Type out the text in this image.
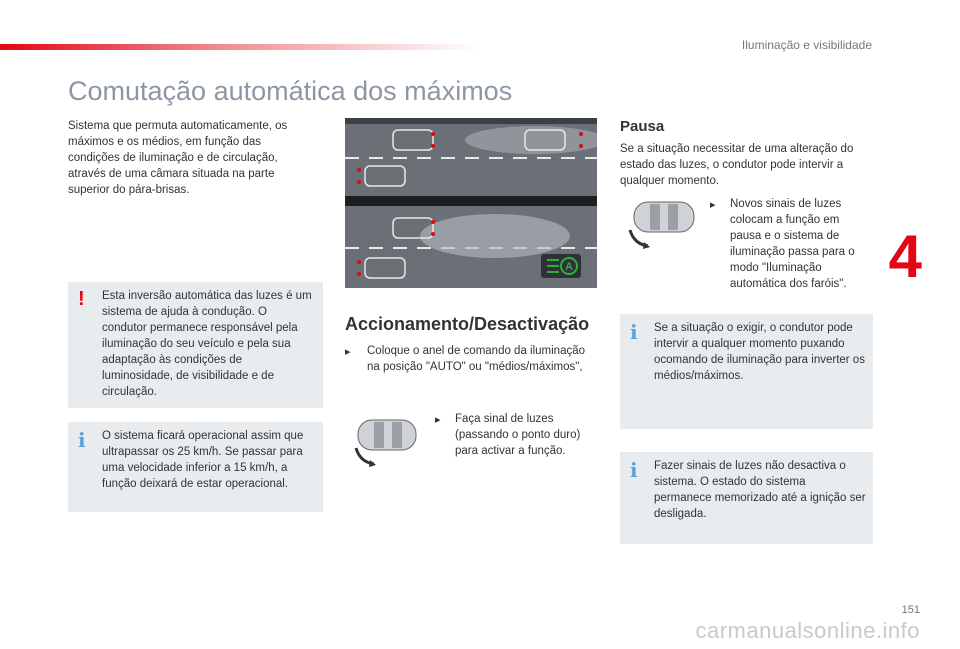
Iluminação e visibilidade
4
Comutação automática dos máximos

Sistema que permuta automaticamente, os máximos e os médios, em função das condições de iluminação e de circulação, através de uma câmara situada na parte superior do pára-brisas.

! Esta inversão automática das luzes é um sistema de ajuda à condução. O condutor permanece responsável pela iluminação do seu veículo e pela sua adaptação às condições de luminosidade, de visibilidade e de circulação.

i O sistema ficará operacional assim que ultrapassar os 25 km/h. Se passar para uma velocidade inferior a 15 km/h, a função deixará de estar operacional.

A
Accionamento/Desactivação
▸ Coloque o anel de comando da iluminação na posição "AUTO" ou "médios/máximos",

▸ Faça sinal de luzes (passando o ponto duro) para activar a função.

Pausa

Se a situação necessitar de uma alteração do estado das luzes, o condutor pode intervir a qualquer momento.

▸ Novos sinais de luzes colocam a função em pausa e o sistema de iluminação passa para o modo "Iluminação automática dos faróis".

i Se a situação o exigir, o condutor pode intervir a qualquer momento puxando ocomando de iluminação para inverter os médios/máximos.

i Fazer sinais de luzes não desactiva o sistema. O estado do sistema permanece memorizado até a ignição ser desligada.

151
carmanualsonline.info
